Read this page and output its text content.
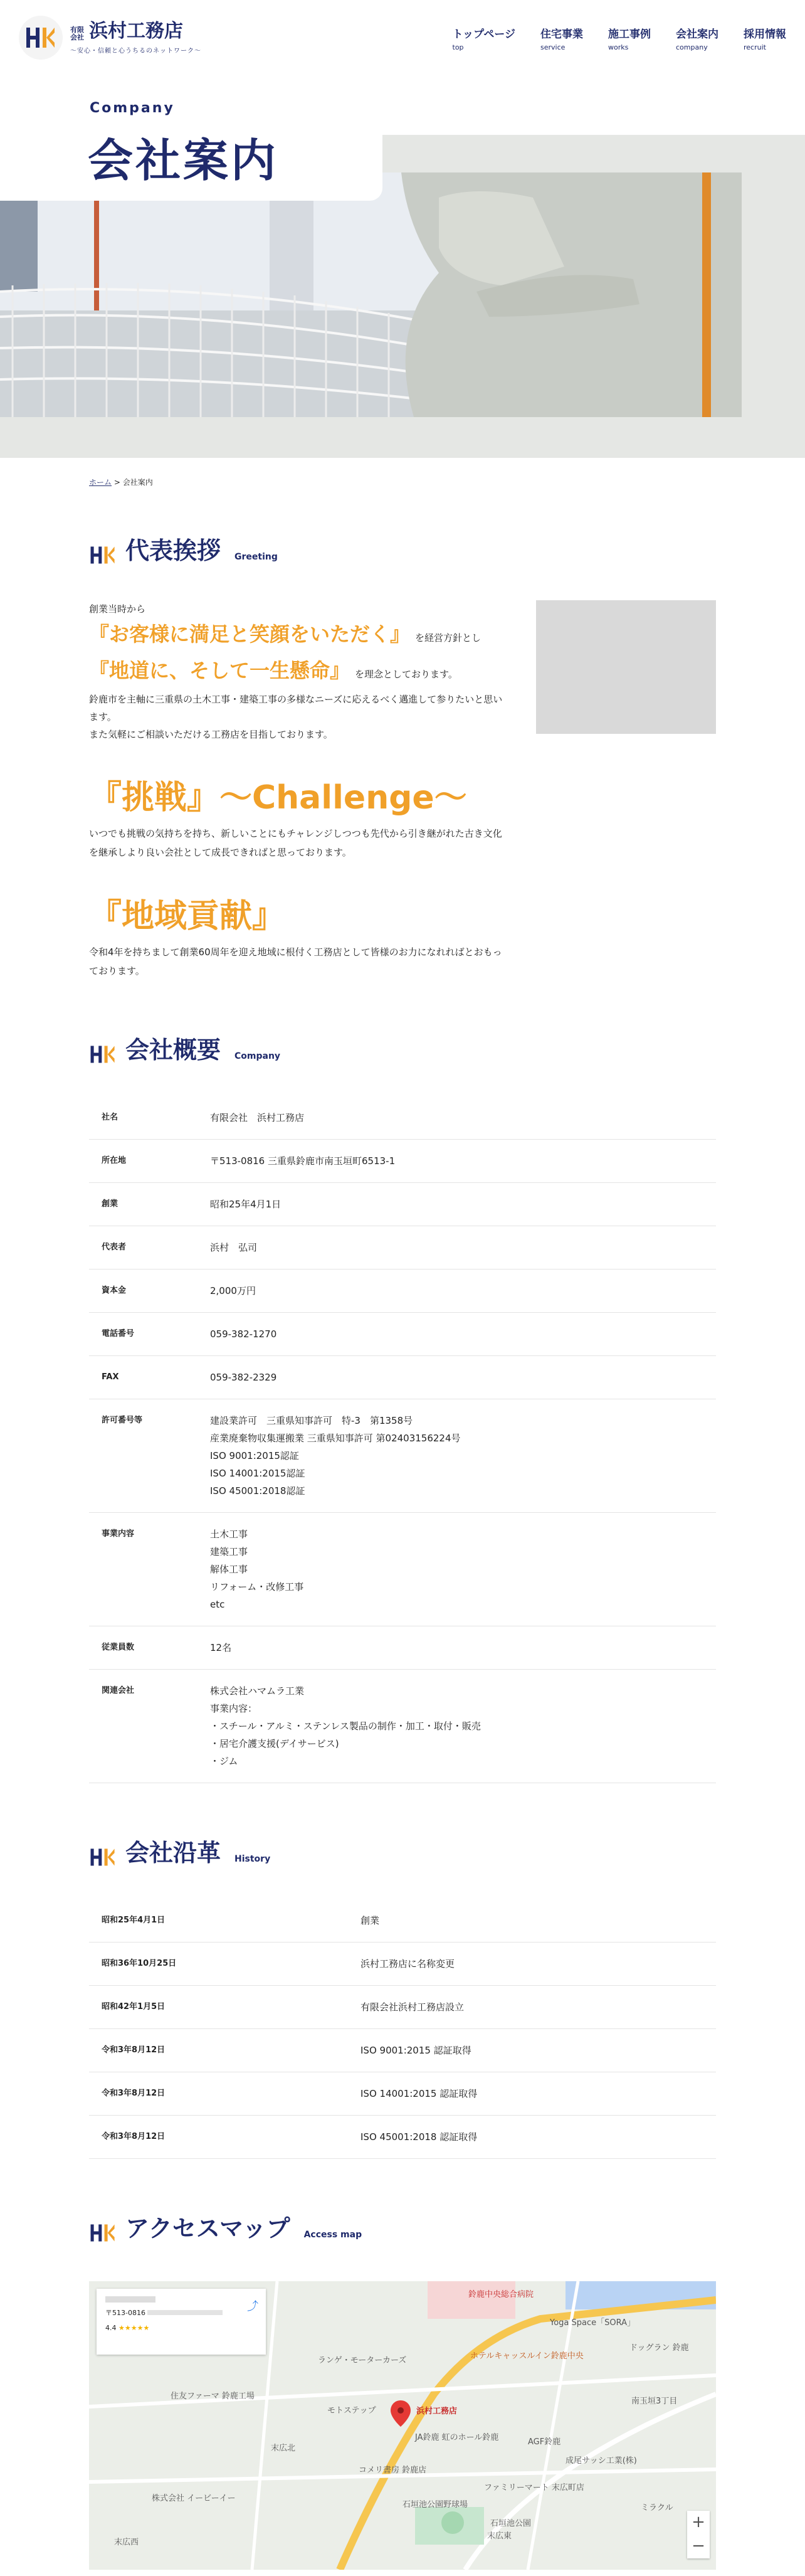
有限会社 浜村工務店
〜安心・信頼と心うちるのネットワーク〜
トップページ
top
住宅事業
service
施工事例
works
会社案内
company
採用情報
recruit
Company
会社案内
ホーム > 会社案内
代表挨拶 Greeting

創業当時から

『お客様に満足と笑顔をいただく』 を経営方針とし

『地道に、そして一生懸命』 を理念としております。

鈴鹿市を主軸に三重県の土木工事・建築工事の多様なニーズに応えるべく邁進して参りたいと思います。

また気軽にご相談いただける工務店を目指しております。

『挑戦』〜Challenge〜

いつでも挑戦の気持ちを持ち、新しいことにもチャレンジしつつも先代から引き継がれた古き文化を継承しより良い会社として成長できればと思っております。

『地域貢献』

令和4年を持ちまして創業60周年を迎え地域に根付く工務店として皆様のお力になれればとおもっております。

会社概要 Company
社名	有限会社　浜村工務店
所在地	〒513-0816 三重県鈴鹿市南玉垣町6513-1
創業	昭和25年4月1日
代表者	浜村　弘司
資本金	2,000万円
電話番号	059-382-1270
FAX	059-382-2329
許可番号等	建設業許可　三重県知事許可　特-3　第1358号
産業廃棄物収集運搬業 三重県知事許可 第02403156224号
ISO 9001:2015認証
ISO 14001:2015認証
ISO 45001:2018認証
事業内容	土木工事
建築工事
解体工事
リフォーム・改修工事
etc
従業員数	12名
関連会社	株式会社ハマムラ工業
事業内容：
・スチール・アルミ・ステンレス製品の制作・加工・取付・販売
・居宅介護支援(デイサービス)
・ジム
会社沿革 History
昭和25年4月1日	創業
昭和36年10月25日	浜村工務店に名称変更
昭和42年1月5日	有限会社浜村工務店設立
令和3年8月12日	ISO 9001:2015 認証取得
令和3年8月12日	ISO 14001:2015 認証取得
令和3年8月12日	ISO 45001:2018 認証取得
アクセスマップ Access map
浜村工務店
ランゲ・モーターカーズ
住友ファーマ 鈴鹿工場
モトステップ
JA鈴鹿 虹のホール鈴鹿	AGF鈴鹿
コメリ書房 鈴鹿店
ファミリーマート 末広町店
石垣池公園野球場
石垣池公園
株式会社 イービーイー
Yoga Space「SORA」
ホテルキャッスルイン鈴鹿中央
ドッグラン 鈴鹿
南玉垣3丁目
鈴鹿中央総合病院
末広北
末広西
末広東
成尾サッシ工業(株)
ミラクル
〒513-0816
4.4 ★★★★★
⤴
+
−
